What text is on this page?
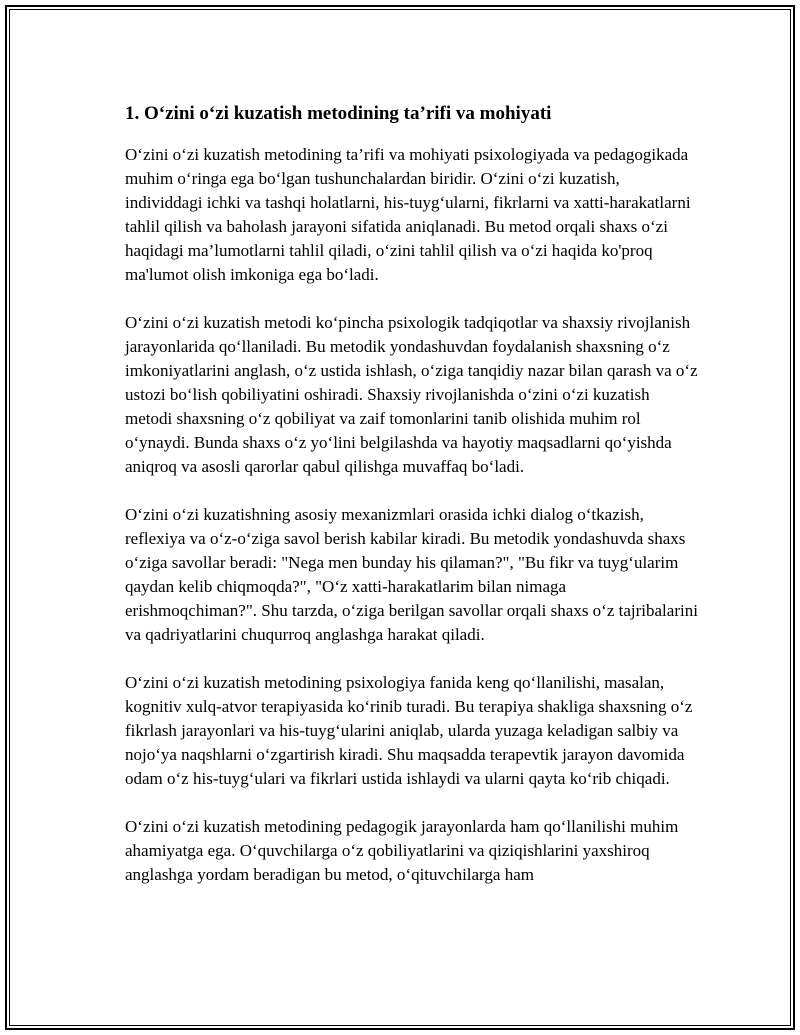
1. O‘zini o‘zi kuzatish metodining ta’rifi va mohiyati

O‘zini o‘zi kuzatish metodining ta’rifi va mohiyati psixologiyada va pedagogikada muhim o‘ringa ega bo‘lgan tushunchalardan biridir. O‘zini o‘zi kuzatish, individdagi ichki va tashqi holatlarni, his-tuyg‘ularni, fikrlarni va xatti-harakatlarni tahlil qilish va baholash jarayoni sifatida aniqlanadi. Bu metod orqali shaxs o‘zi haqidagi ma’lumotlarni tahlil qiladi, o‘zini tahlil qilish va o‘zi haqida ko'proq ma'lumot olish imkoniga ega bo‘ladi.

O‘zini o‘zi kuzatish metodi ko‘pincha psixologik tadqiqotlar va shaxsiy rivojlanish jarayonlarida qo‘llaniladi. Bu metodik yondashuvdan foydalanish shaxsning o‘z imkoniyatlarini anglash, o‘z ustida ishlash, o‘ziga tanqidiy nazar bilan qarash va o‘z ustozi bo‘lish qobiliyatini oshiradi. Shaxsiy rivojlanishda o‘zini o‘zi kuzatish metodi shaxsning o‘z qobiliyat va zaif tomonlarini tanib olishida muhim rol o‘ynaydi. Bunda shaxs o‘z yo‘lini belgilashda va hayotiy maqsadlarni qo‘yishda aniqroq va asosli qarorlar qabul qilishga muvaffaq bo‘ladi.

O‘zini o‘zi kuzatishning asosiy mexanizmlari orasida ichki dialog o‘tkazish, reflexiya va o‘z-o‘ziga savol berish kabilar kiradi. Bu metodik yondashuvda shaxs o‘ziga savollar beradi: "Nega men bunday his qilaman?", "Bu fikr va tuyg‘ularim qaydan kelib chiqmoqda?", "O‘z xatti-harakatlarim bilan nimaga erishmoqchiman?". Shu tarzda, o‘ziga berilgan savollar orqali shaxs o‘z tajribalarini va qadriyatlarini chuqurroq anglashga harakat qiladi.

O‘zini o‘zi kuzatish metodining psixologiya fanida keng qo‘llanilishi, masalan, kognitiv xulq-atvor terapiyasida ko‘rinib turadi. Bu terapiya shakliga shaxsning o‘z fikrlash jarayonlari va his-tuyg‘ularini aniqlab, ularda yuzaga keladigan salbiy va nojo‘ya naqshlarni o‘zgartirish kiradi. Shu maqsadda terapevtik jarayon davomida odam o‘z his-tuyg‘ulari va fikrlari ustida ishlaydi va ularni qayta ko‘rib chiqadi.

O‘zini o‘zi kuzatish metodining pedagogik jarayonlarda ham qo‘llanilishi muhim ahamiyatga ega. O‘quvchilarga o‘z qobiliyatlarini va qiziqishlarini yaxshiroq anglashga yordam beradigan bu metod, o‘qituvchilarga ham
